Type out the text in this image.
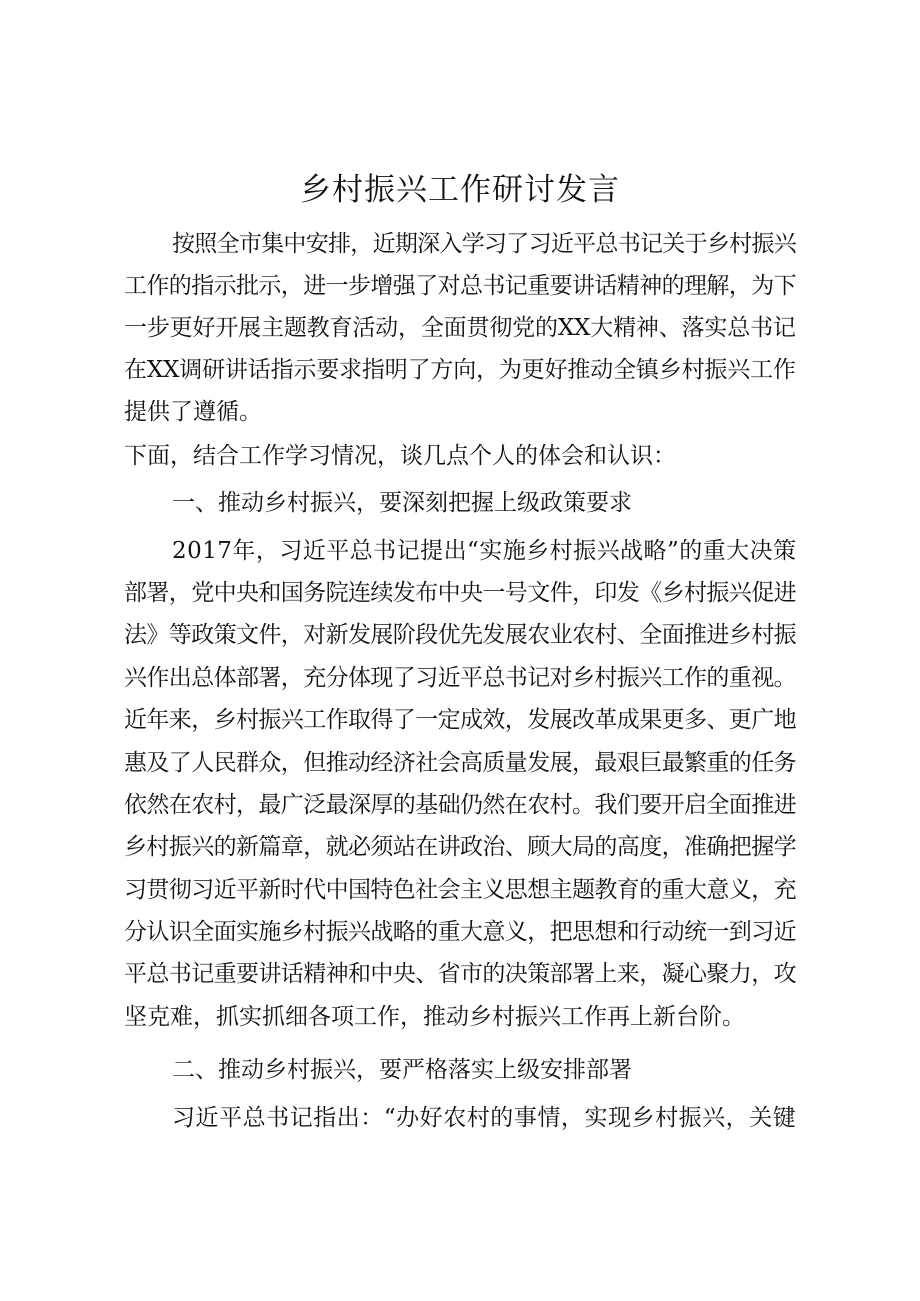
乡村振兴工作研讨发言
按照全市集中安排，近期深入学习了习近平总书记关于乡村振兴
工作的指示批示，进一步增强了对总书记重要讲话精神的理解，为下
一步更好开展主题教育活动，全面贯彻党的XX大精神、落实总书记
在XX调研讲话指示要求指明了方向，为更好推动全镇乡村振兴工作
提供了遵循。
下面，结合工作学习情况，谈几点个人的体会和认识：
一、推动乡村振兴，要深刻把握上级政策要求
2017年，习近平总书记提出“实施乡村振兴战略”的重大决策
部署，党中央和国务院连续发布中央一号文件，印发《乡村振兴促进
法》等政策文件，对新发展阶段优先发展农业农村、全面推进乡村振
兴作出总体部署，充分体现了习近平总书记对乡村振兴工作的重视。
近年来，乡村振兴工作取得了一定成效，发展改革成果更多、更广地
惠及了人民群众，但推动经济社会高质量发展，最艰巨最繁重的任务
依然在农村，最广泛最深厚的基础仍然在农村。我们要开启全面推进
乡村振兴的新篇章，就必须站在讲政治、顾大局的高度，准确把握学
习贯彻习近平新时代中国特色社会主义思想主题教育的重大意义，充
分认识全面实施乡村振兴战略的重大意义，把思想和行动统一到习近
平总书记重要讲话精神和中央、省市的决策部署上来，凝心聚力，攻
坚克难，抓实抓细各项工作，推动乡村振兴工作再上新台阶。
二、推动乡村振兴，要严格落实上级安排部署
习近平总书记指出：“办好农村的事情，实现乡村振兴，关键
